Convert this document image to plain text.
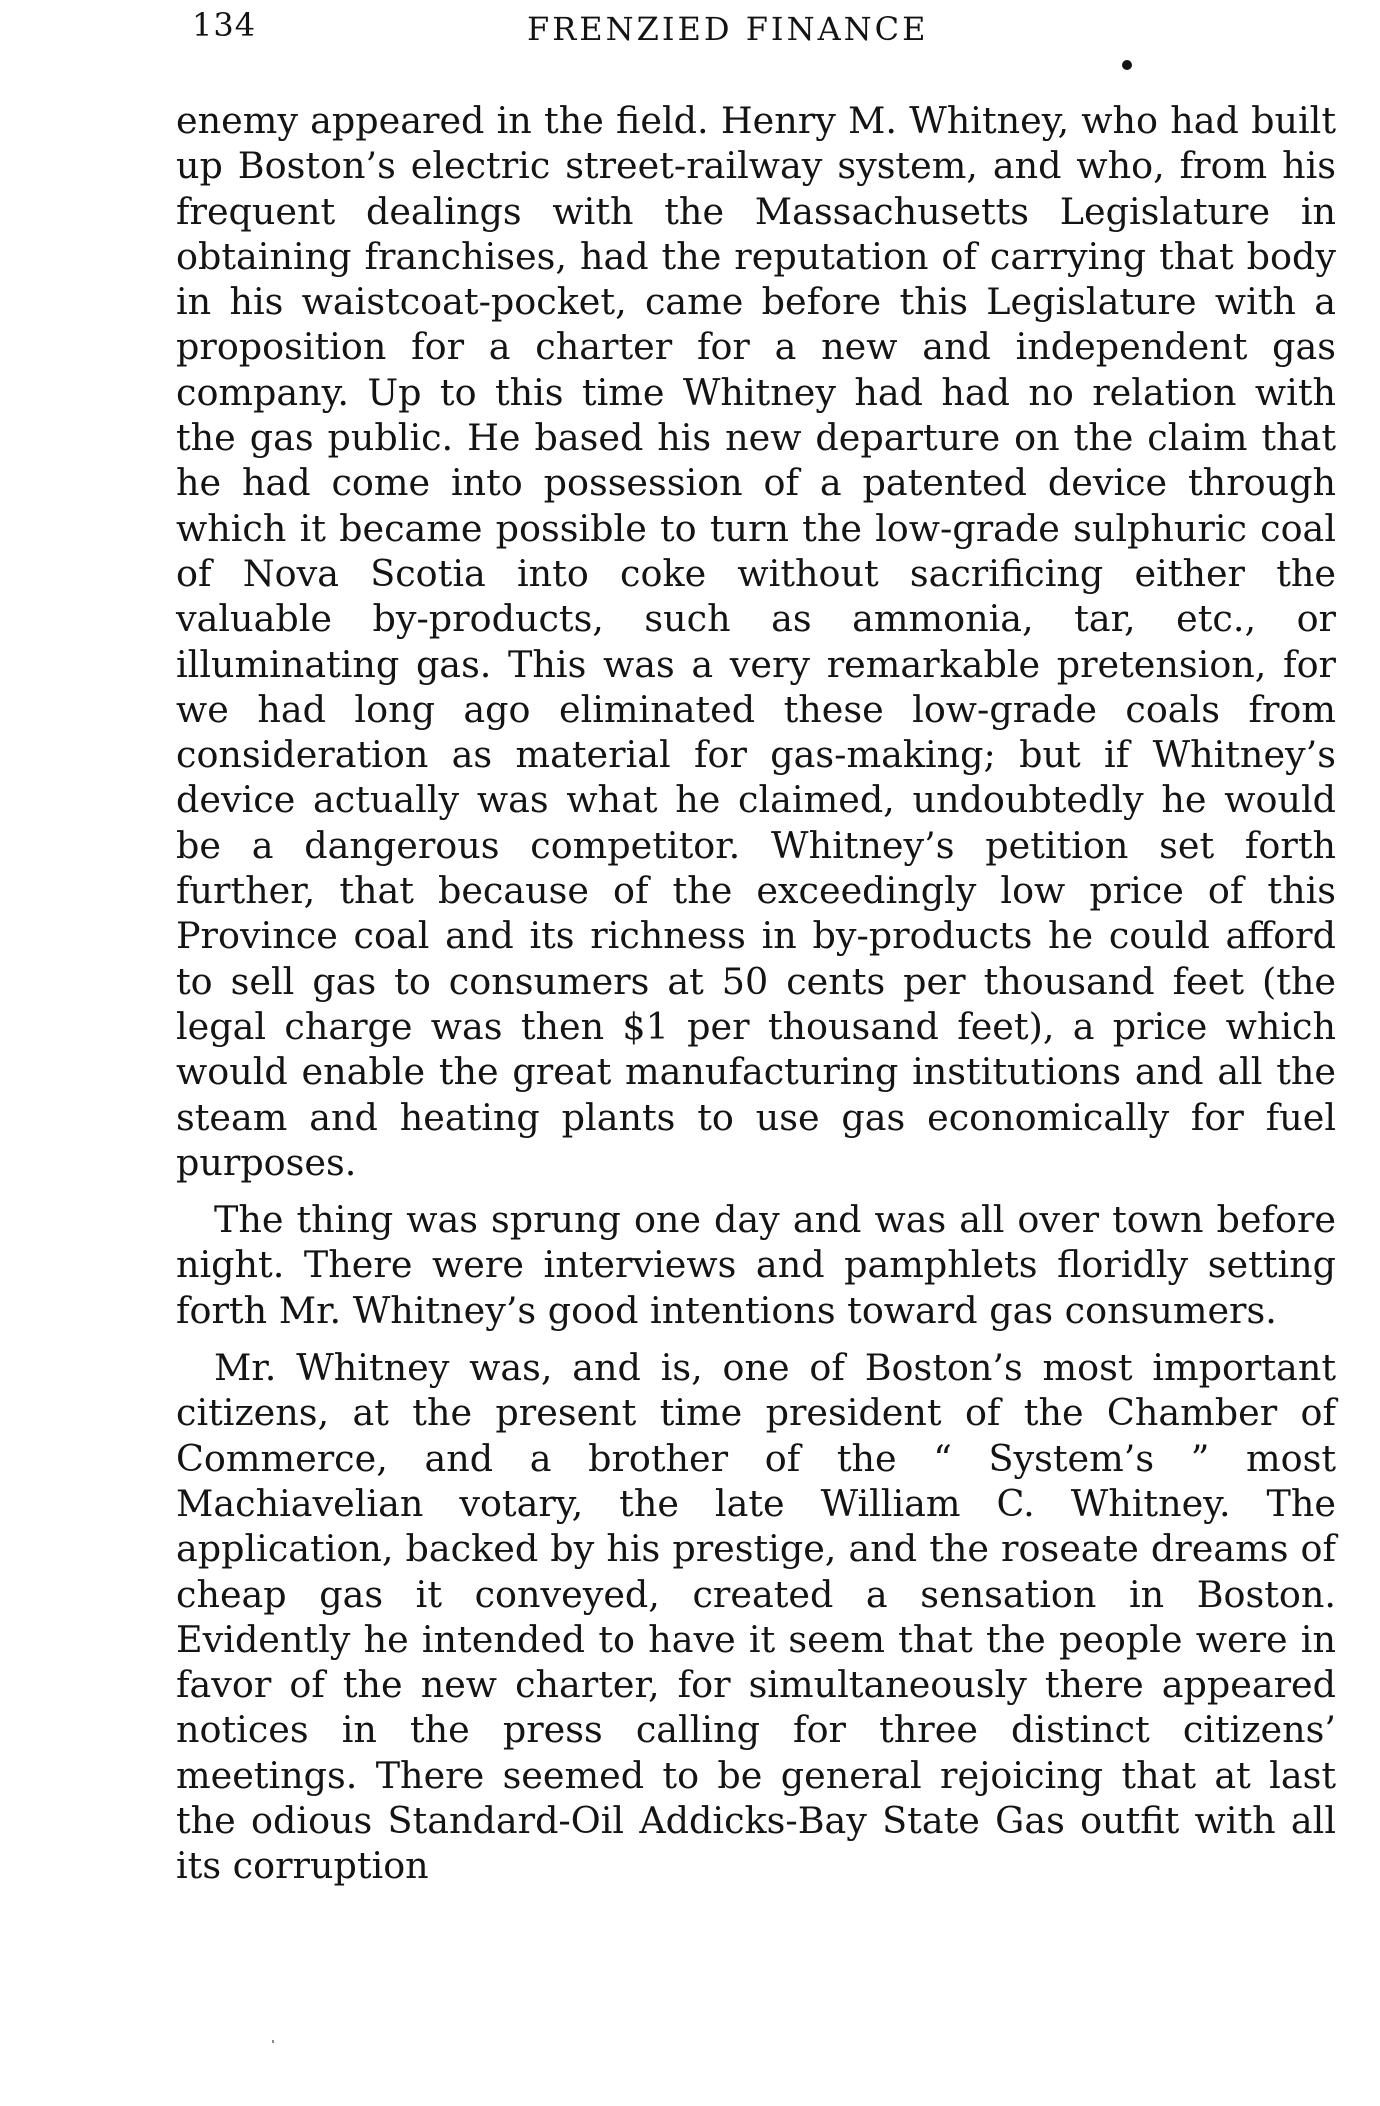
134	FRENZIED FINANCE

enemy appeared in the field. Henry M. Whitney, who had built up Boston’s electric street-railway system, and who, from his frequent dealings with the Massachusetts Legislature in obtaining franchises, had the reputation of carrying that body in his waistcoat-pocket, came before this Legislature with a proposition for a charter for a new and independent gas company. Up to this time Whitney had had no relation with the gas public. He based his new departure on the claim that he had come into possession of a patented device through which it became possible to turn the low-grade sulphuric coal of Nova Scotia into coke without sacrificing either the valuable by-products, such as ammonia, tar, etc., or illuminating gas. This was a very remarkable pretension, for we had long ago eliminated these low-grade coals from consideration as material for gas-making; but if Whitney’s device actually was what he claimed, undoubtedly he would be a dangerous competitor. Whitney’s petition set forth further, that because of the exceedingly low price of this Province coal and its richness in by-products he could afford to sell gas to consumers at 50 cents per thousand feet (the legal charge was then $1 per thousand feet), a price which would enable the great manufacturing institutions and all the steam and heating plants to use gas economically for fuel purposes.

The thing was sprung one day and was all over town before night. There were interviews and pamphlets floridly setting forth Mr. Whitney’s good intentions toward gas consumers.

Mr. Whitney was, and is, one of Boston’s most important citizens, at the present time president of the Chamber of Commerce, and a brother of the “ System’s ” most Machiavelian votary, the late William C. Whitney. The application, backed by his prestige, and the roseate dreams of cheap gas it conveyed, created a sensation in Boston. Evidently he intended to have it seem that the people were in favor of the new charter, for simultaneously there appeared notices in the press calling for three distinct citizens’ meetings. There seemed to be general rejoicing that at last the odious Standard-Oil Addicks-Bay State Gas outfit with all its corruption
